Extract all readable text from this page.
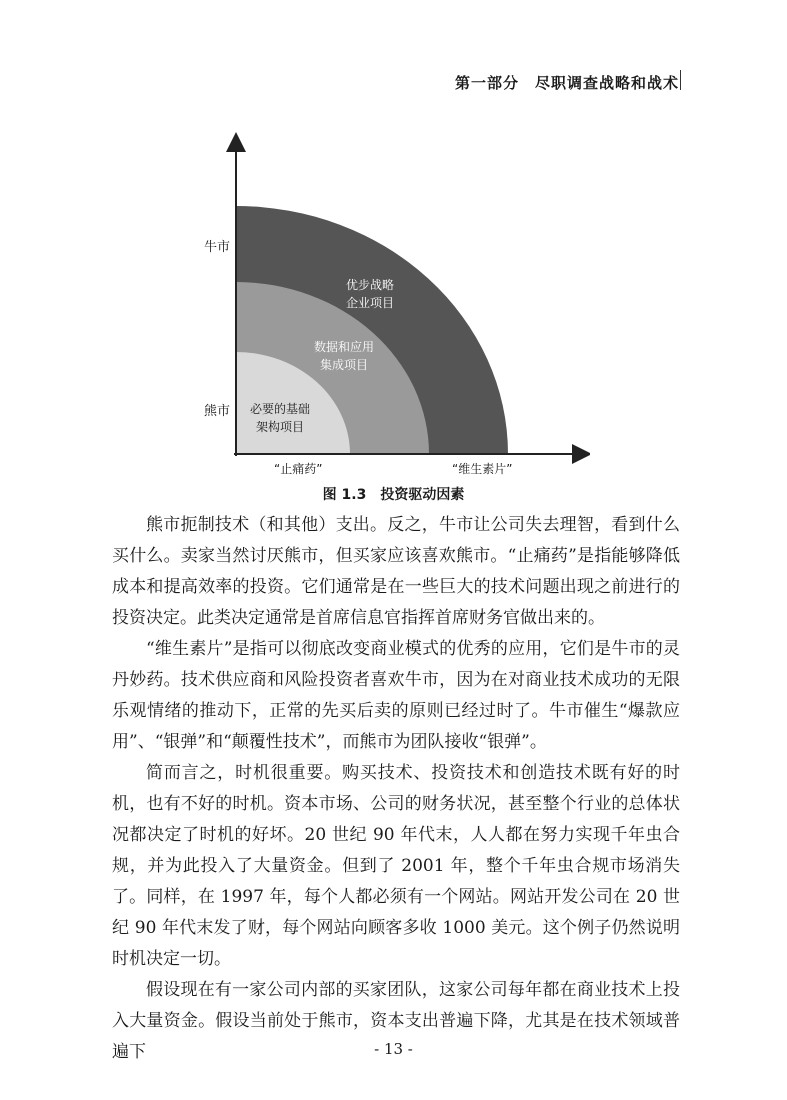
第一部分　尽职调查战略和战术
牛市
熊市
“止痛药”	“维生素片”
优步战略
企业项目
数据和应用
集成项目
必要的基础
架构项目
图 1.3　投资驱动因素

熊市扼制技术（和其他）支出。反之，牛市让公司失去理智，看到什么买什么。卖家当然讨厌熊市，但买家应该喜欢熊市。“止痛药”是指能够降低成本和提高效率的投资。它们通常是在一些巨大的技术问题出现之前进行的投资决定。此类决定通常是首席信息官指挥首席财务官做出来的。

“维生素片”是指可以彻底改变商业模式的优秀的应用，它们是牛市的灵丹妙药。技术供应商和风险投资者喜欢牛市，因为在对商业技术成功的无限乐观情绪的推动下，正常的先买后卖的原则已经过时了。牛市催生“爆款应用”、“银弹”和“颠覆性技术”，而熊市为团队接收“银弹”。

简而言之，时机很重要。购买技术、投资技术和创造技术既有好的时机，也有不好的时机。资本市场、公司的财务状况，甚至整个行业的总体状况都决定了时机的好坏。20 世纪 90 年代末，人人都在努力实现千年虫合规，并为此投入了大量资金。但到了 2001 年，整个千年虫合规市场消失了。同样，在 1997 年，每个人都必须有一个网站。网站开发公司在 20 世纪 90 年代末发了财，每个网站向顾客多收 1000 美元。这个例子仍然说明时机决定一切。

假设现在有一家公司内部的买家团队，这家公司每年都在商业技术上投入大量资金。假设当前处于熊市，资本支出普遍下降，尤其是在技术领域普遍下	- 13 -
